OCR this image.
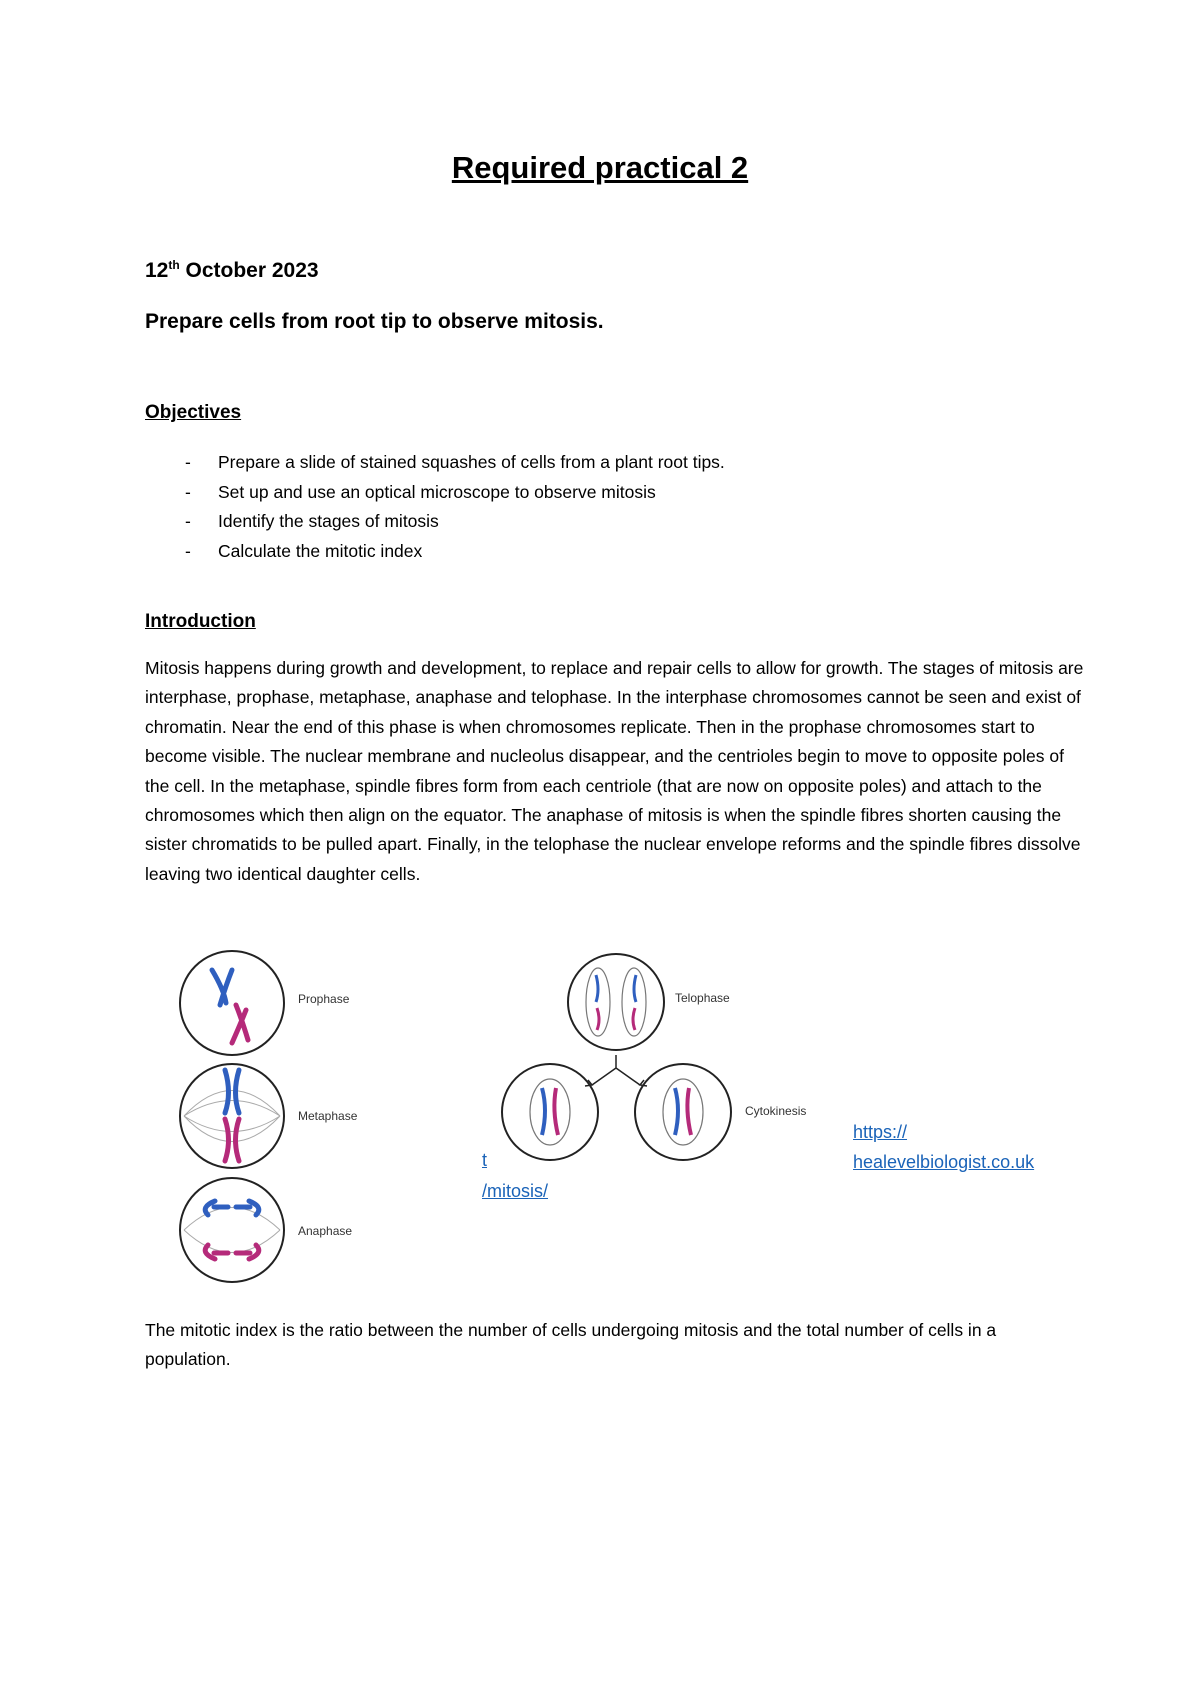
Required practical 2
12th October 2023
Prepare cells from root tip to observe mitosis.
Objectives
- Prepare a slide of stained squashes of cells from a plant root tips.
- Set up and use an optical microscope to observe mitosis
- Identify the stages of mitosis
- Calculate the mitotic index
Introduction
Mitosis happens during growth and development, to replace and repair cells to allow for growth. The stages of mitosis are interphase, prophase, metaphase, anaphase and telophase. In the interphase chromosomes cannot be seen and exist of chromatin. Near the end of this phase is when chromosomes replicate. Then in the prophase chromosomes start to become visible. The nuclear membrane and nucleolus disappear, and the centrioles begin to move to opposite poles of the cell. In the metaphase, spindle fibres form from each centriole (that are now on opposite poles) and attach to the chromosomes which then align on the equator. The anaphase of mitosis is when the spindle fibres shorten causing the sister chromatids to be pulled apart. Finally, in the telophase the nuclear envelope reforms and the spindle fibres dissolve leaving two identical daughter cells.
Prophase
Metaphase
Anaphase
Telophase
Cytokinesis
t
/mitosis/
https://
healevelbiologist.co.uk
The mitotic index is the ratio between the number of cells undergoing mitosis and the total number of cells in a population.
